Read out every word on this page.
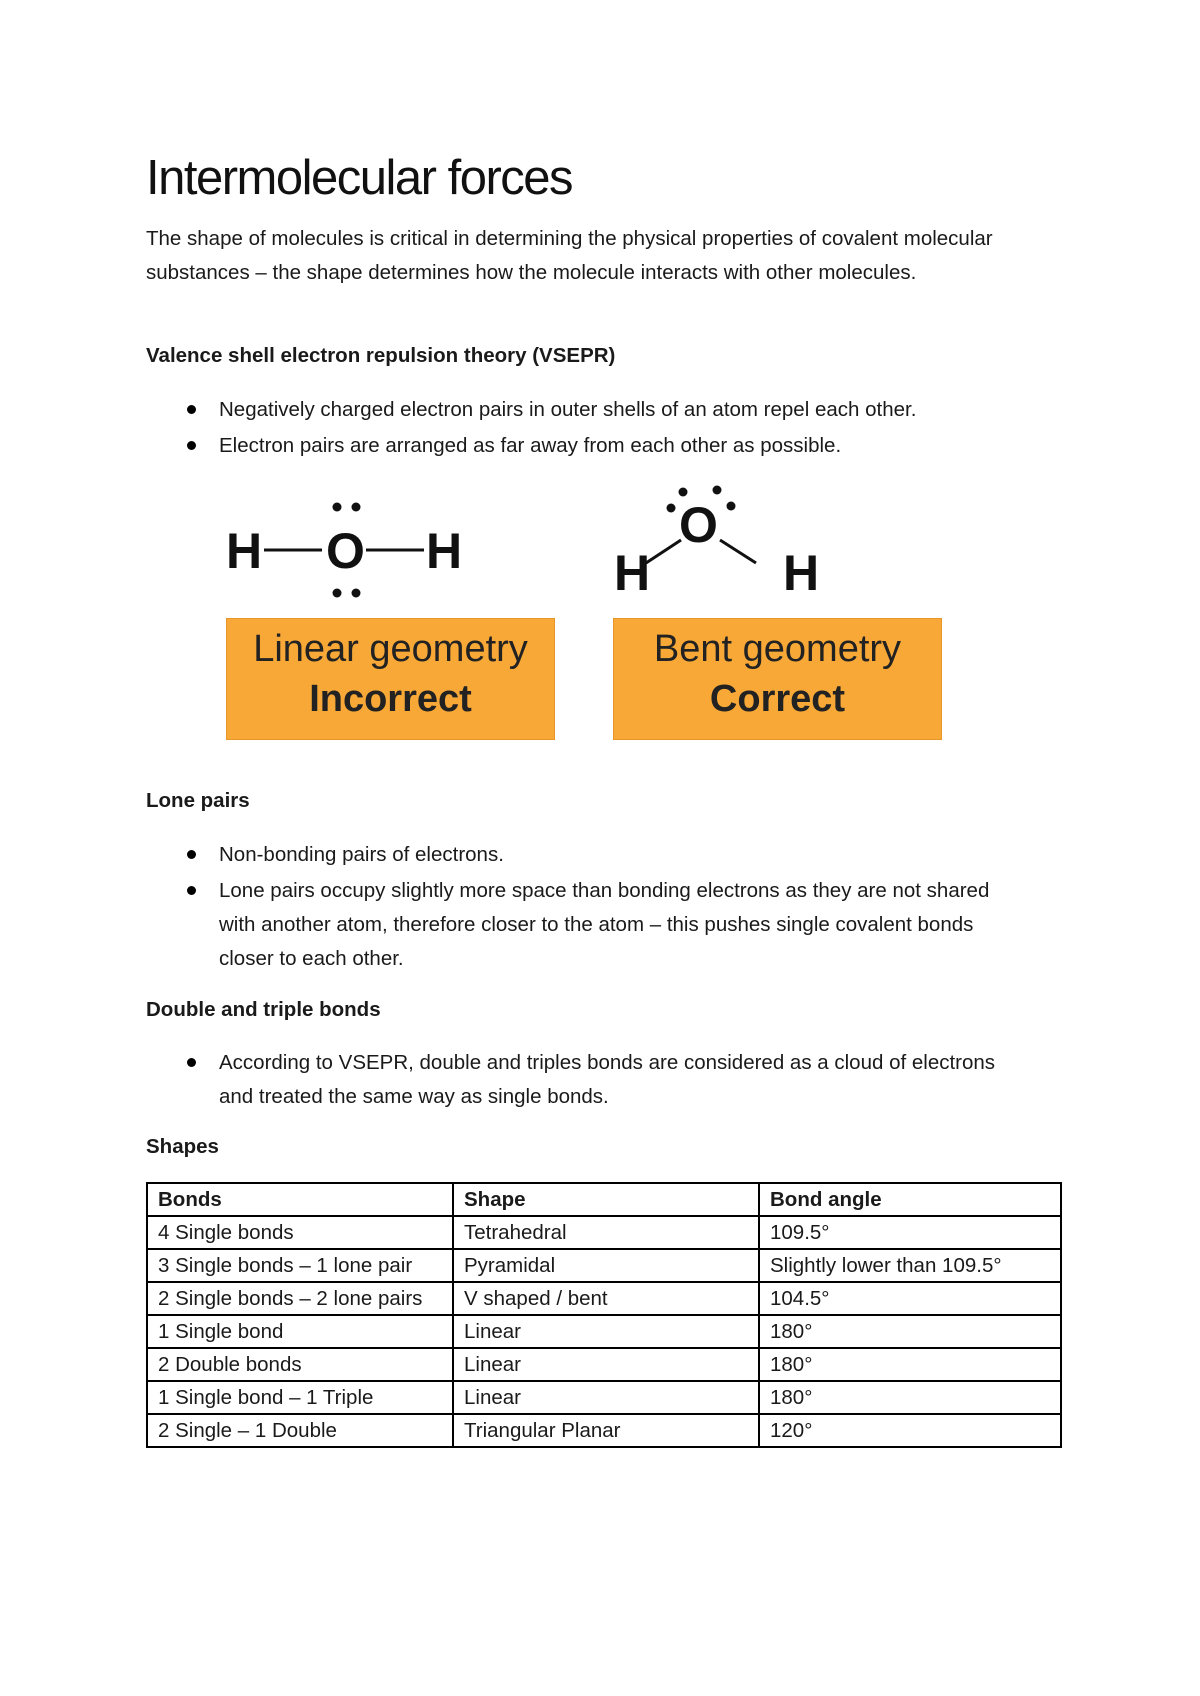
Intermolecular forces

The shape of molecules is critical in determining the physical properties of covalent molecular substances – the shape determines how the molecule interacts with other molecules.

Valence shell electron repulsion theory (VSEPR)

Negatively charged electron pairs in outer shells of an atom repel each other.
Electron pairs are arranged as far away from each other as possible.
H O H	O
H	H
Linear geometry
Incorrect
Bent geometry
Correct

Lone pairs

Non-bonding pairs of electrons.
Lone pairs occupy slightly more space than bonding electrons as they are not shared with another atom, therefore closer to the atom – this pushes single covalent bonds closer to each other.

Double and triple bonds

According to VSEPR, double and triples bonds are considered as a cloud of electrons and treated the same way as single bonds.

Shapes

Bonds	Shape	Bond angle
4 Single bonds	Tetrahedral	109.5°
3 Single bonds – 1 lone pair	Pyramidal	Slightly lower than 109.5°
2 Single bonds – 2 lone pairs	V shaped / bent	104.5°
1 Single bond	Linear	180°
2 Double bonds	Linear	180°
1 Single bond – 1 Triple	Linear	180°
2 Single – 1 Double	Triangular Planar	120°
